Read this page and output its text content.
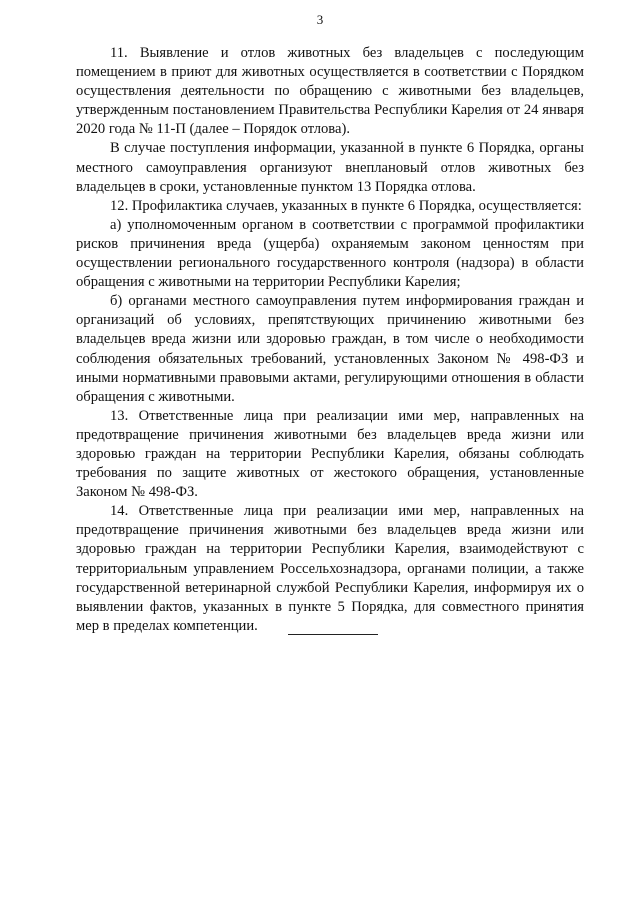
3

11. Выявление и отлов животных без владельцев с последующим помещением в приют для животных осуществляется в соответствии с Порядком осуществления деятельности по обращению с животными без владельцев, утвержденным постановлением Правительства Республики Карелия от 24 января 2020 года № 11-П (далее – Порядок отлова).

В случае поступления информации, указанной в пункте 6 Порядка, органы местного самоуправления организуют внеплановый отлов животных без владельцев в сроки, установленные пунктом 13 Порядка отлова.

12. Профилактика случаев, указанных в пункте 6 Порядка, осуществляется:

а) уполномоченным органом в соответствии с программой профилактики рисков причинения вреда (ущерба) охраняемым законом ценностям при осуществлении регионального государственного контроля (надзора) в области обращения с животными на территории Республики Карелия;

б) органами местного самоуправления путем информирования граждан и организаций об условиях, препятствующих причинению животными без владельцев вреда жизни или здоровью граждан, в том числе о необходимости соблюдения обязательных требований, установленных Законом № 498-ФЗ и иными нормативными правовыми актами, регулирующими отношения в области обращения с животными.

13. Ответственные лица при реализации ими мер, направленных на предотвращение причинения животными без владельцев вреда жизни или здоровью граждан на территории Республики Карелия, обязаны соблюдать требования по защите животных от жестокого обращения, установленные Законом № 498-ФЗ.

14. Ответственные лица при реализации ими мер, направленных на предотвращение причинения животными без владельцев вреда жизни или здоровью граждан на территории Республики Карелия, взаимодействуют с территориальным управлением Россельхознадзора, органами полиции, а также государственной ветеринарной службой Республики Карелия, информируя их о выявлении фактов, указанных в пункте 5 Порядка, для совместного принятия мер в пределах компетенции.
